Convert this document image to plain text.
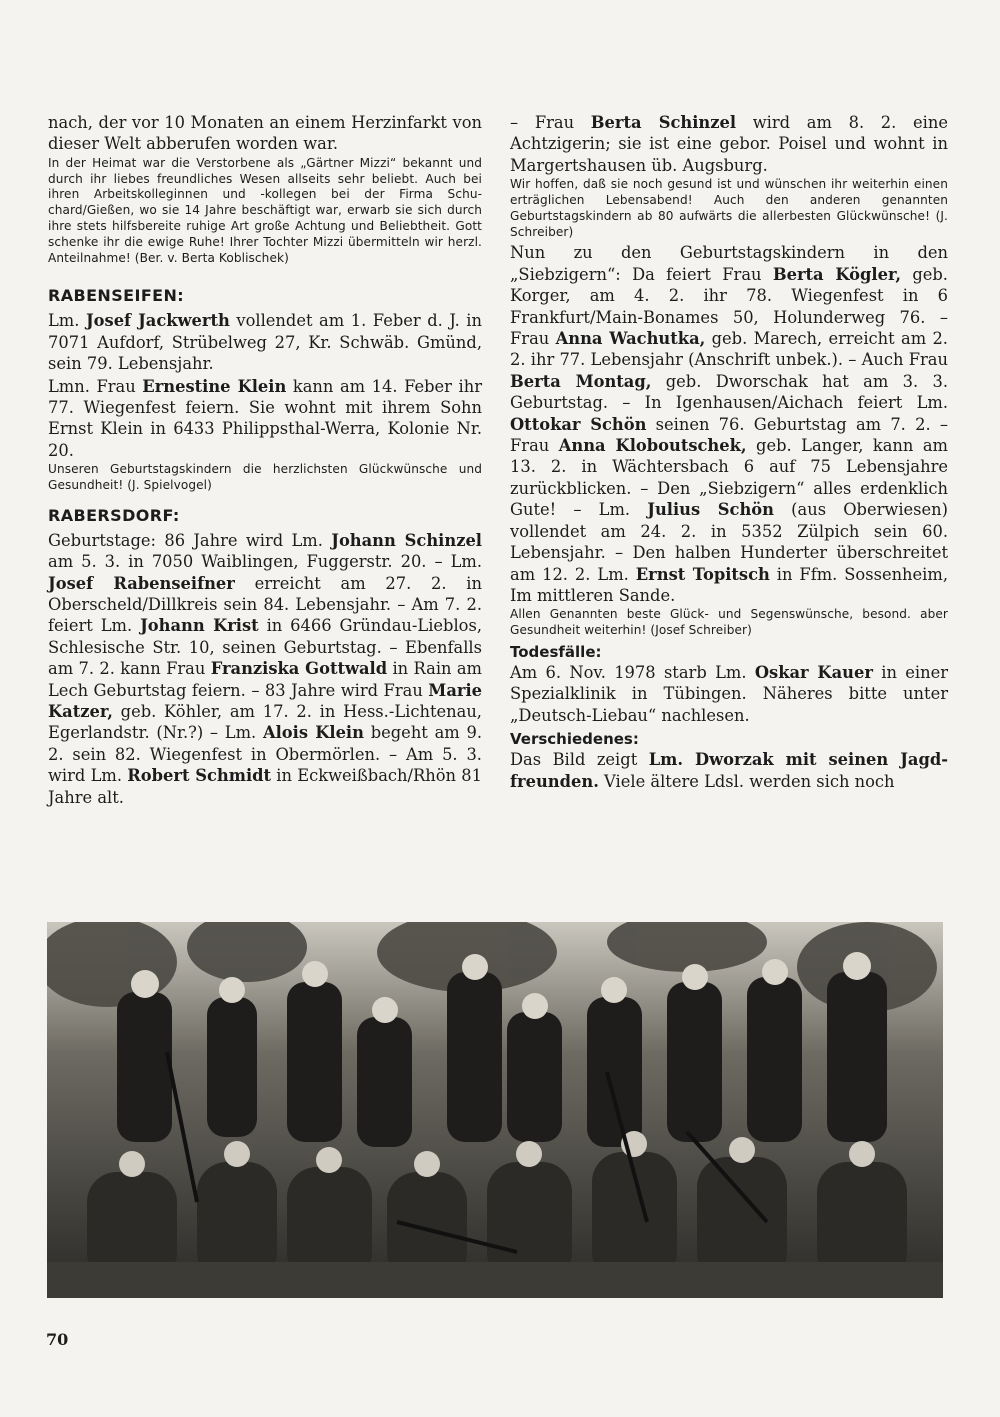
nach, der vor 10 Monaten an einem Herzinfarkt von dieser Welt abberufen worden war.

In der Heimat war die Verstorbene als „Gärtner Mizzi“ bekannt und durch ihr liebes freundliches Wesen allseits sehr beliebt. Auch bei ihren Arbeitskolleginnen und -kollegen bei der Firma Schuchard/Gießen, wo sie 14 Jahre beschäftigt war, erwarb sie sich durch ihre stets hilfsbereite ruhige Art große Achtung und Beliebtheit. Gott schenke ihr die ewige Ruhe! Ihrer Tochter Mizzi übermitteln wir herzl. Anteilnahme! (Ber. v. Berta Koblischek)

RABENSEIFEN:

Lm. Josef Jackwerth vollendet am 1. Feber d. J. in 7071 Aufdorf, Strübelweg 27, Kr. Schwäb. Gmünd, sein 79. Lebensjahr.

Lmn. Frau Ernestine Klein kann am 14. Feber ihr 77. Wiegenfest feiern. Sie wohnt mit ihrem Sohn Ernst Klein in 6433 Philippsthal-Werra, Kolonie Nr. 20.

Unseren Geburtstagskindern die herzlichsten Glückwünsche und Gesundheit! (J. Spielvogel)

RABERSDORF:

Geburtstage: 86 Jahre wird Lm. Johann Schinzel am 5. 3. in 7050 Waiblingen, Fuggerstr. 20. – Lm. Josef Rabenseifner erreicht am 27. 2. in Oberscheld/Dillkreis sein 84. Lebensjahr. – Am 7. 2. feiert Lm. Johann Krist in 6466 Gründau-Lieblos, Schlesische Str. 10, seinen Geburtstag. – Ebenfalls am 7. 2. kann Frau Franziska Gottwald in Rain am Lech Geburtstag feiern. – 83 Jahre wird Frau Marie Katzer, geb. Köhler, am 17. 2. in Hess.-Lichtenau, Egerlandstr. (Nr.?) – Lm. Alois Klein begeht am 9. 2. sein 82. Wiegenfest in Obermörlen. – Am 5. 3. wird Lm. Robert Schmidt in Eckweißbach/Rhön 81 Jahre alt.

– Frau Berta Schinzel wird am 8. 2. eine Achtzigerin; sie ist eine gebor. Poisel und wohnt in Margertshausen üb. Augsburg.

Wir hoffen, daß sie noch gesund ist und wünschen ihr weiterhin einen erträglichen Lebensabend! Auch den anderen genannten Geburtstagskindern ab 80 aufwärts die allerbesten Glückwünsche! (J. Schreiber)

Nun zu den Geburtstagskindern in den „Siebzigern“: Da feiert Frau Berta Kögler, geb. Korger, am 4. 2. ihr 78. Wiegenfest in 6 Frankfurt/Main-Bonames 50, Holunderweg 76. – Frau Anna Wachutka, geb. Marech, erreicht am 2. 2. ihr 77. Lebensjahr (Anschrift unbek.). – Auch Frau Berta Montag, geb. Dworschak hat am 3. 3. Geburtstag. – In Igenhausen/Aichach feiert Lm. Ottokar Schön seinen 76. Geburtstag am 7. 2. – Frau Anna Kloboutschek, geb. Langer, kann am 13. 2. in Wächtersbach 6 auf 75 Lebensjahre zurückblicken. – Den „Siebzigern“ alles erdenklich Gute! – Lm. Julius Schön (aus Oberwiesen) vollendet am 24. 2. in 5352 Zülpich sein 60. Lebensjahr. – Den halben Hunderter überschreitet am 12. 2. Lm. Ernst Topitsch in Ffm. Sossenheim, Im mittleren Sande.

Allen Genannten beste Glück- und Segenswünsche, besond. aber Gesundheit weiterhin! (Josef Schreiber)

Todesfälle:

Am 6. Nov. 1978 starb Lm. Oskar Kauer in einer Spezialklinik in Tübingen. Näheres bitte unter „Deutsch-Liebau“ nachlesen.

Verschiedenes:

Das Bild zeigt Lm. Dworzak mit seinen Jagdfreunden. Viele ältere Ldsl. werden sich noch

70
